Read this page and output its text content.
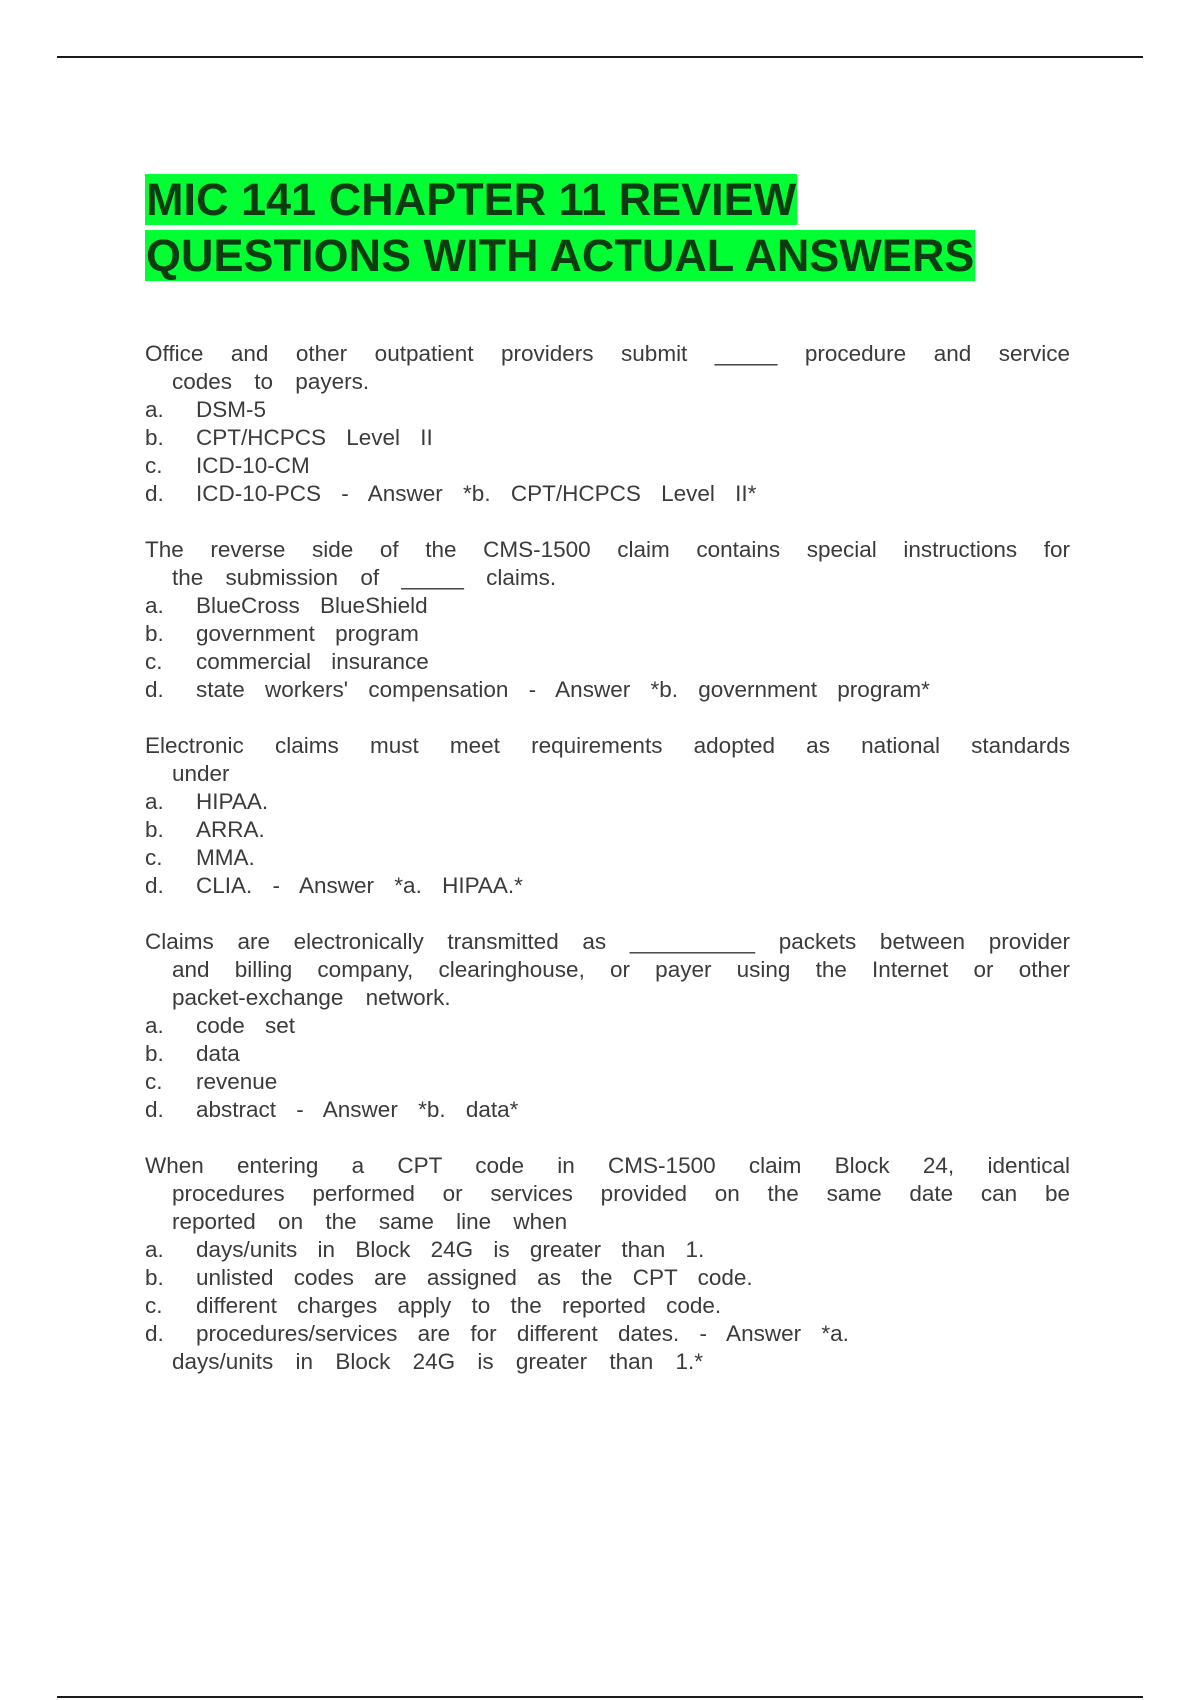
MIC 141 CHAPTER 11 REVIEW
QUESTIONS WITH ACTUAL ANSWERS

Office and other outpatient providers submit _____ procedure and service codes to payers.

a.	DSM-5
b.	CPT/HCPCS Level II
c.	ICD-10-CM
d.	ICD-10-PCS - Answer *b. CPT/HCPCS Level II*

The reverse side of the CMS-1500 claim contains special instructions for the submission of _____ claims.

a.	BlueCross BlueShield
b.	government program
c.	commercial insurance
d.	state workers' compensation - Answer *b. government program*

Electronic claims must meet requirements adopted as national standards under

a.	HIPAA.
b.	ARRA.
c.	MMA.
d.	CLIA. - Answer *a. HIPAA.*

Claims are electronically transmitted as __________ packets between provider and billing company, clearinghouse, or payer using the Internet or other packet-exchange network.

a.	code set
b.	data
c.	revenue
d.	abstract - Answer *b. data*

When entering a CPT code in CMS-1500 claim Block 24, identical procedures performed or services provided on the same date can be reported on the same line when

a.	days/units in Block 24G is greater than 1.
b.	unlisted codes are assigned as the CPT code.
c.	different charges apply to the reported code.
d.	procedures/services are for different dates. - Answer *a.

days/units in Block 24G is greater than 1.*
